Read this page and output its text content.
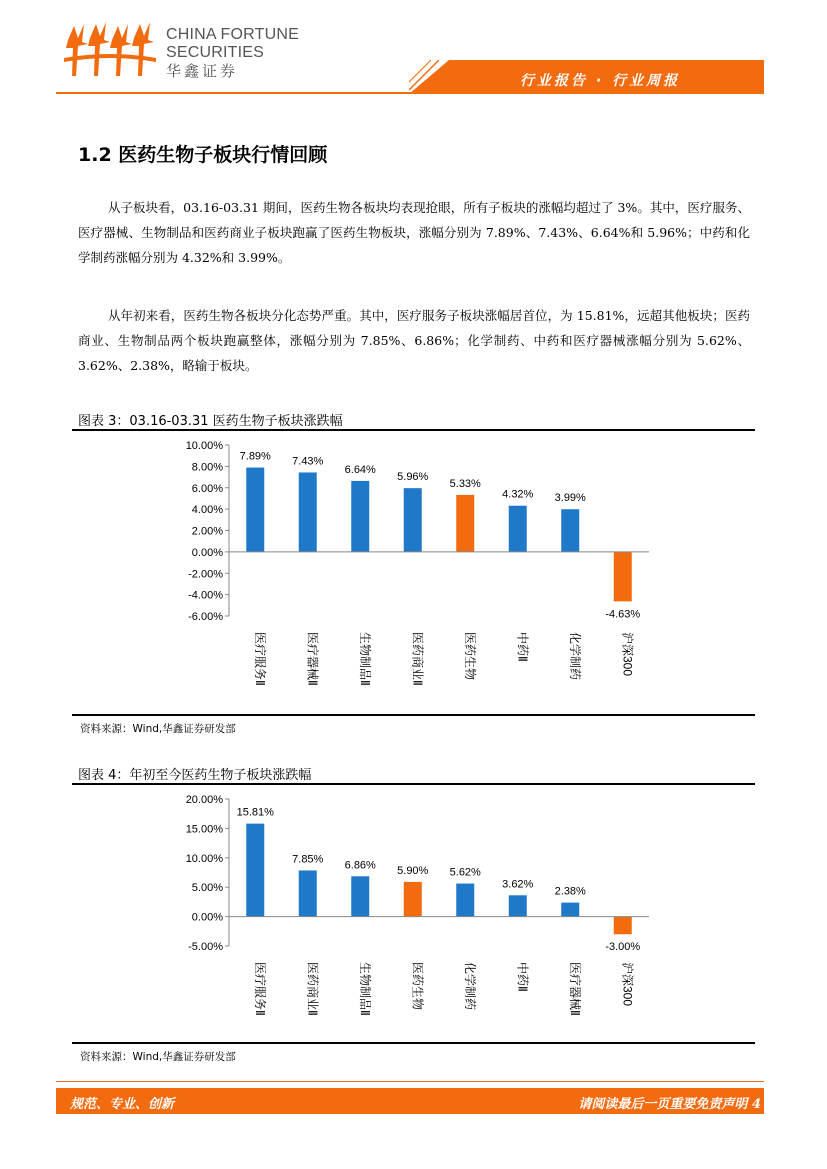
CHINA FORTUNE
SECURITIES
华鑫证券
行业报告 · 行业周报
1.2 医药生物子板块行情回顾

从子板块看，03.16-03.31 期间，医药生物各板块均表现抢眼，所有子板块的涨幅均超过了 3%。其中，医疗服务、医疗器械、生物制品和医药商业子板块跑赢了医药生物板块，涨幅分别为 7.89%、7.43%、6.64%和 5.96%；中药和化学制药涨幅分别为 4.32%和 3.99%。

从年初来看，医药生物各板块分化态势严重。其中，医疗服务子板块涨幅居首位，为 15.81%，远超其他板块；医药商业、生物制品两个板块跑赢整体，涨幅分别为 7.85%、6.86%；化学制药、中药和医疗器械涨幅分别为 5.62%、3.62%、2.38%，略输于板块。

图表 3：03.16-03.31 医药生物子板块涨跌幅
10.00%
8.00%
6.00%
4.00%
2.00%
0.00%
-2.00%
-4.00%
-6.00%
7.89%
医疗服务Ⅱ
7.43%
医疗器械Ⅱ
6.64%
生物制品Ⅱ
5.96%
医药商业Ⅱ
5.33%
医药生物
4.32%
中药Ⅱ
3.99%
化学制药
-4.63%
沪深300
资料来源：Wind,华鑫证券研发部
图表 4：年初至今医药生物子板块涨跌幅
20.00%
15.00%
10.00%
5.00%
0.00%
-5.00%
15.81%
医疗服务Ⅱ
7.85%
医药商业Ⅱ
6.86%
生物制品Ⅱ
5.90%
医药生物
5.62%
化学制药
3.62%
中药Ⅱ
2.38%
医疗器械Ⅱ
-3.00%
沪深300
资料来源：Wind,华鑫证券研发部
规范、专业、创新	请阅读最后一页重要免责声明 4
